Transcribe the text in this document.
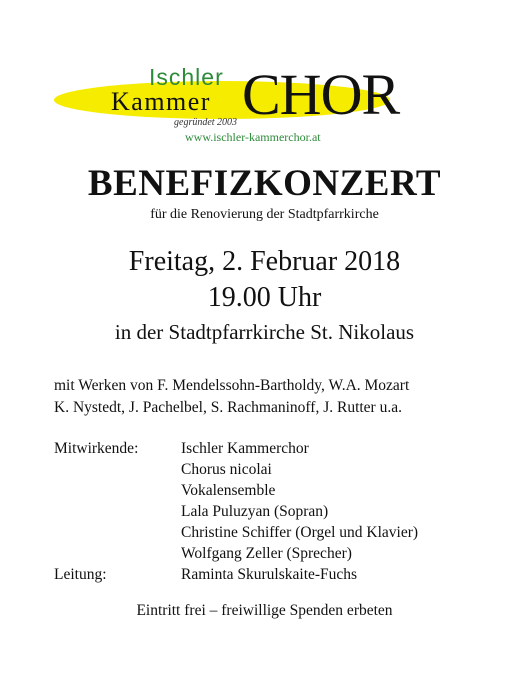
Ischler
Kammer CHOR
gegründet 2003
www.ischler-kammerchor.at
BENEFIZKONZERT
für die Renovierung der Stadtpfarrkirche
Freitag, 2. Februar 2018
19.00 Uhr
in der Stadtpfarrkirche St. Nikolaus
mit Werken von F. Mendelssohn-Bartholdy, W.A. Mozart
K. Nystedt, J. Pachelbel, S. Rachmaninoff, J. Rutter u.a.
Mitwirkende:	Ischler Kammerchor
Chorus nicolai
Vokalensemble
Lala Puluzyan (Sopran)
Christine Schiffer (Orgel und Klavier)
Wolfgang Zeller (Sprecher)
Leitung:	Raminta Skurulskaite-Fuchs
Eintritt frei – freiwillige Spenden erbeten
